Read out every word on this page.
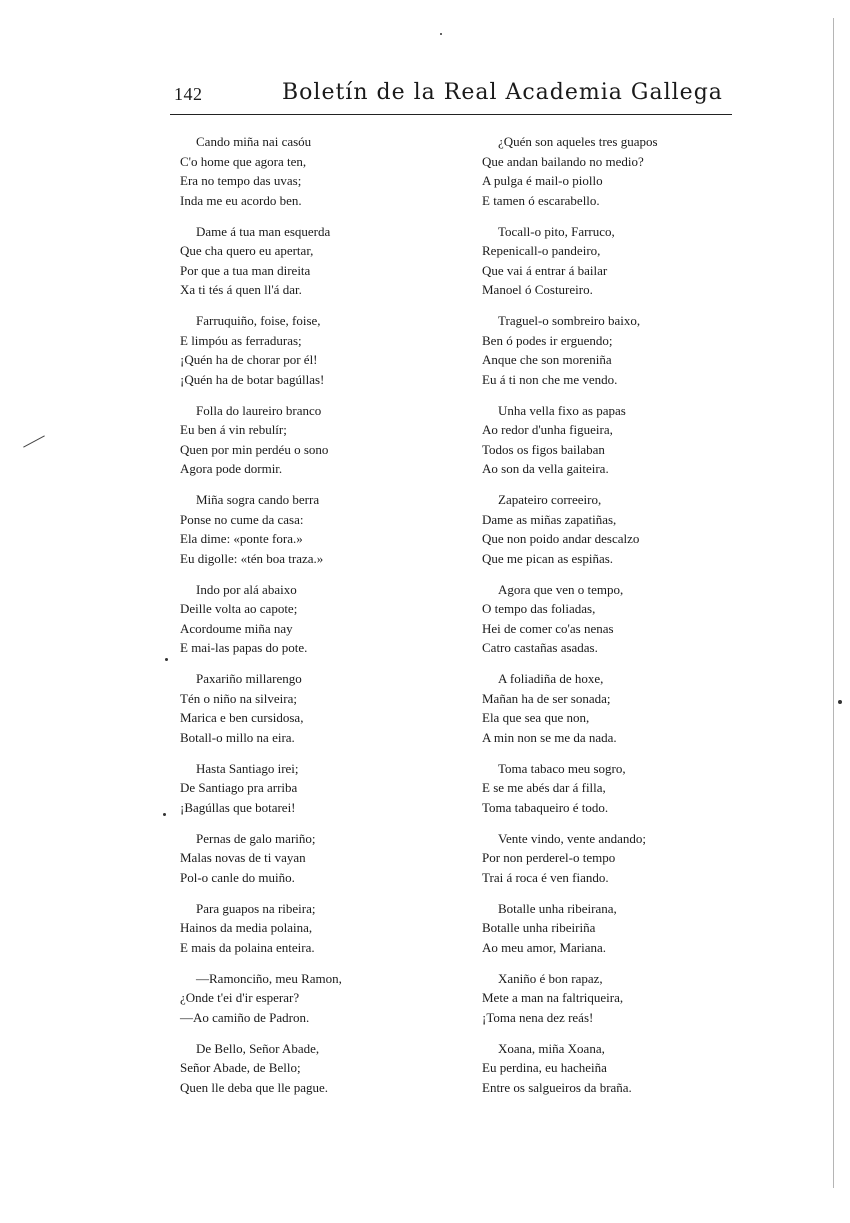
142	Boletín de la Real Academia Gallega
Cando miña nai casóu
C'o home que agora ten,
Era no tempo das uvas;
Inda me eu acordo ben.
Dame á tua man esquerda
Que cha quero eu apertar,
Por que a tua man direita
Xa ti tés á quen ll'á dar.
Farruquiño, foise, foise,
E limpóu as ferraduras;
¡Quén ha de chorar por él!
¡Quén ha de botar bagúllas!
Folla do laureiro branco
Eu ben á vin rebulír;
Quen por min perdéu o sono
Agora pode dormir.
Miña sogra cando berra
Ponse no cume da casa:
Ela dime: «ponte fora.»
Eu digolle: «tén boa traza.»
Indo por alá abaixo
Deille volta ao capote;
Acordoume miña nay
E mai-las papas do pote.
Paxariño millarengo
Tén o niño na silveira;
Marica e ben cursidosa,
Botall-o millo na eira.
Hasta Santiago irei;
De Santiago pra arriba
¡Bagúllas que botarei!
Pernas de galo mariño;
Malas novas de ti vayan
Pol-o canle do muiño.
Para guapos na ribeira;
Hainos da media polaina,
E mais da polaina enteira.
—Ramonciño, meu Ramon,
¿Onde t'ei d'ir esperar?
—Ao camiño de Padron.
De Bello, Señor Abade,
Señor Abade, de Bello;
Quen lle deba que lle pague.
¿Quén son aqueles tres guapos
Que andan bailando no medio?
A pulga é mail-o piollo
E tamen ó escarabello.
Tocall-o pito, Farruco,
Repenicall-o pandeiro,
Que vai á entrar á bailar
Manoel ó Costureiro.
Traguel-o sombreiro baixo,
Ben ó podes ir erguendo;
Anque che son moreniña
Eu á ti non che me vendo.
Unha vella fixo as papas
Ao redor d'unha figueira,
Todos os figos bailaban
Ao son da vella gaiteira.
Zapateiro correeiro,
Dame as miñas zapatiñas,
Que non poido andar descalzo
Que me pican as espiñas.
Agora que ven o tempo,
O tempo das foliadas,
Hei de comer co'as nenas
Catro castañas asadas.
A foliadiña de hoxe,
Mañan ha de ser sonada;
Ela que sea que non,
A min non se me da nada.
Toma tabaco meu sogro,
E se me abés dar á filla,
Toma tabaqueiro é todo.
Vente vindo, vente andando;
Por non perderel-o tempo
Trai á roca é ven fiando.
Botalle unha ribeirana,
Botalle unha ribeiriña
Ao meu amor, Mariana.
Xaniño é bon rapaz,
Mete a man na faltriqueira,
¡Toma nena dez reás!
Xoana, miña Xoana,
Eu perdina, eu hacheiña
Entre os salgueiros da braña.
